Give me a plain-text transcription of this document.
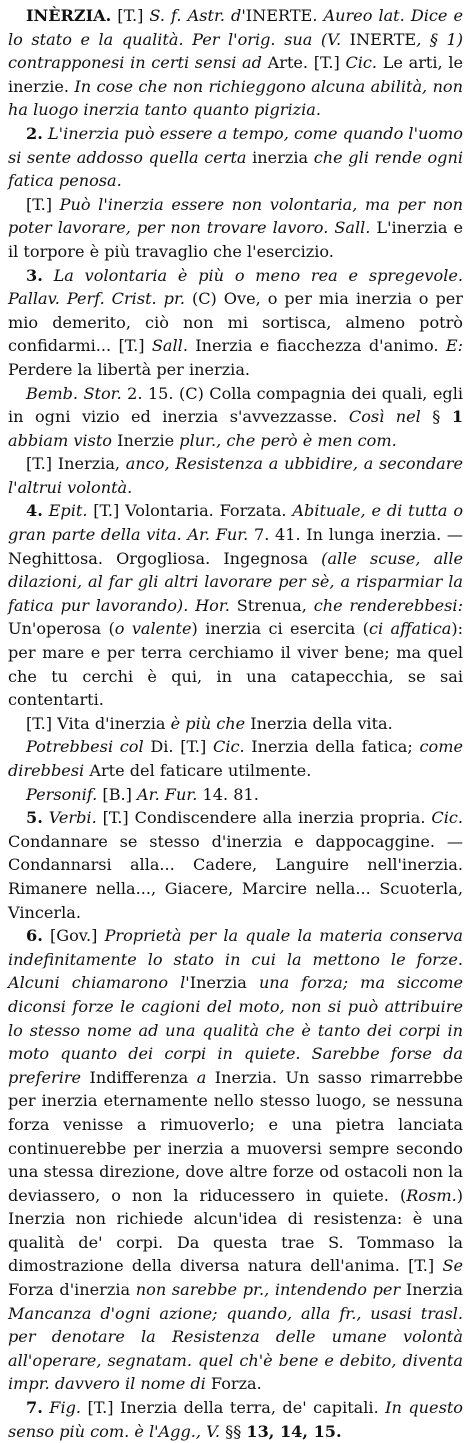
INÈRZIA. [T.] S. f. Astr. d'INERTE. Aureo lat. Dice e lo stato e la qualità. Per l'orig. sua (V. INERTE, § 1) contrapponesi in certi sensi ad Arte. [T.] Cic. Le arti, le inerzie. In cose che non richieggono alcuna abilità, non ha luogo inerzia tanto quanto pigrizia.

2. L'inerzia può essere a tempo, come quando l'uomo si sente addosso quella certa inerzia che gli rende ogni fatica penosa.

[T.] Può l'inerzia essere non volontaria, ma per non poter lavorare, per non trovare lavoro. Sall. L'inerzia e il torpore è più travaglio che l'esercizio.

3. La volontaria è più o meno rea e spregevole. Pallav. Perf. Crist. pr. (C) Ove, o per mia inerzia o per mio demerito, ciò non mi sortisca, almeno potrò confidarmi... [T.] Sall. Inerzia e fiacchezza d'animo. E: Perdere la libertà per inerzia.

Bemb. Stor. 2. 15. (C) Colla compagnia dei quali, egli in ogni vizio ed inerzia s'avvezzasse. Così nel § 1 abbiam visto Inerzie plur., che però è men com.

[T.] Inerzia, anco, Resistenza a ubbidire, a secondare l'altrui volontà.

4. Epit. [T.] Volontaria. Forzata. Abituale, e di tutta o gran parte della vita. Ar. Fur. 7. 41. In lunga inerzia. — Neghittosa. Orgogliosa. Ingegnosa (alle scuse, alle dilazioni, al far gli altri lavorare per sè, a risparmiar la fatica pur lavorando). Hor. Strenua, che renderebbesi: Un'operosa (o valente) inerzia ci esercita (ci affatica): per mare e per terra cerchiamo il viver bene; ma quel che tu cerchi è qui, in una catapecchia, se sai contentarti.

[T.] Vita d'inerzia è più che Inerzia della vita.

Potrebbesi col Di. [T.] Cic. Inerzia della fatica; come direbbesi Arte del faticare utilmente.

Personif. [B.] Ar. Fur. 14. 81.

5. Verbi. [T.] Condiscendere alla inerzia propria. Cic. Condannare se stesso d'inerzia e dappocaggine. — Condannarsi alla... Cadere, Languire nell'inerzia. Rimanere nella..., Giacere, Marcire nella... Scuoterla, Vincerla.

6. [Gov.] Proprietà per la quale la materia conserva indefinitamente lo stato in cui la mettono le forze. Alcuni chiamarono l'Inerzia una forza; ma siccome diconsi forze le cagioni del moto, non si può attribuire lo stesso nome ad una qualità che è tanto dei corpi in moto quanto dei corpi in quiete. Sarebbe forse da preferire Indifferenza a Inerzia. Un sasso rimarrebbe per inerzia eternamente nello stesso luogo, se nessuna forza venisse a rimuoverlo; e una pietra lanciata continuerebbe per inerzia a muoversi sempre secondo una stessa direzione, dove altre forze od ostacoli non la deviassero, o non la riducessero in quiete. (Rosm.) Inerzia non richiede alcun'idea di resistenza: è una qualità de' corpi. Da questa trae S. Tommaso la dimostrazione della diversa natura dell'anima. [T.] Se Forza d'inerzia non sarebbe pr., intendendo per Inerzia Mancanza d'ogni azione; quando, alla fr., usasi trasl. per denotare la Resistenza delle umane volontà all'operare, segnatam. quel ch'è bene e debito, diventa impr. davvero il nome di Forza.

7. Fig. [T.] Inerzia della terra, de' capitali. In questo senso più com. è l'Agg., V. §§ 13, 14, 15.
